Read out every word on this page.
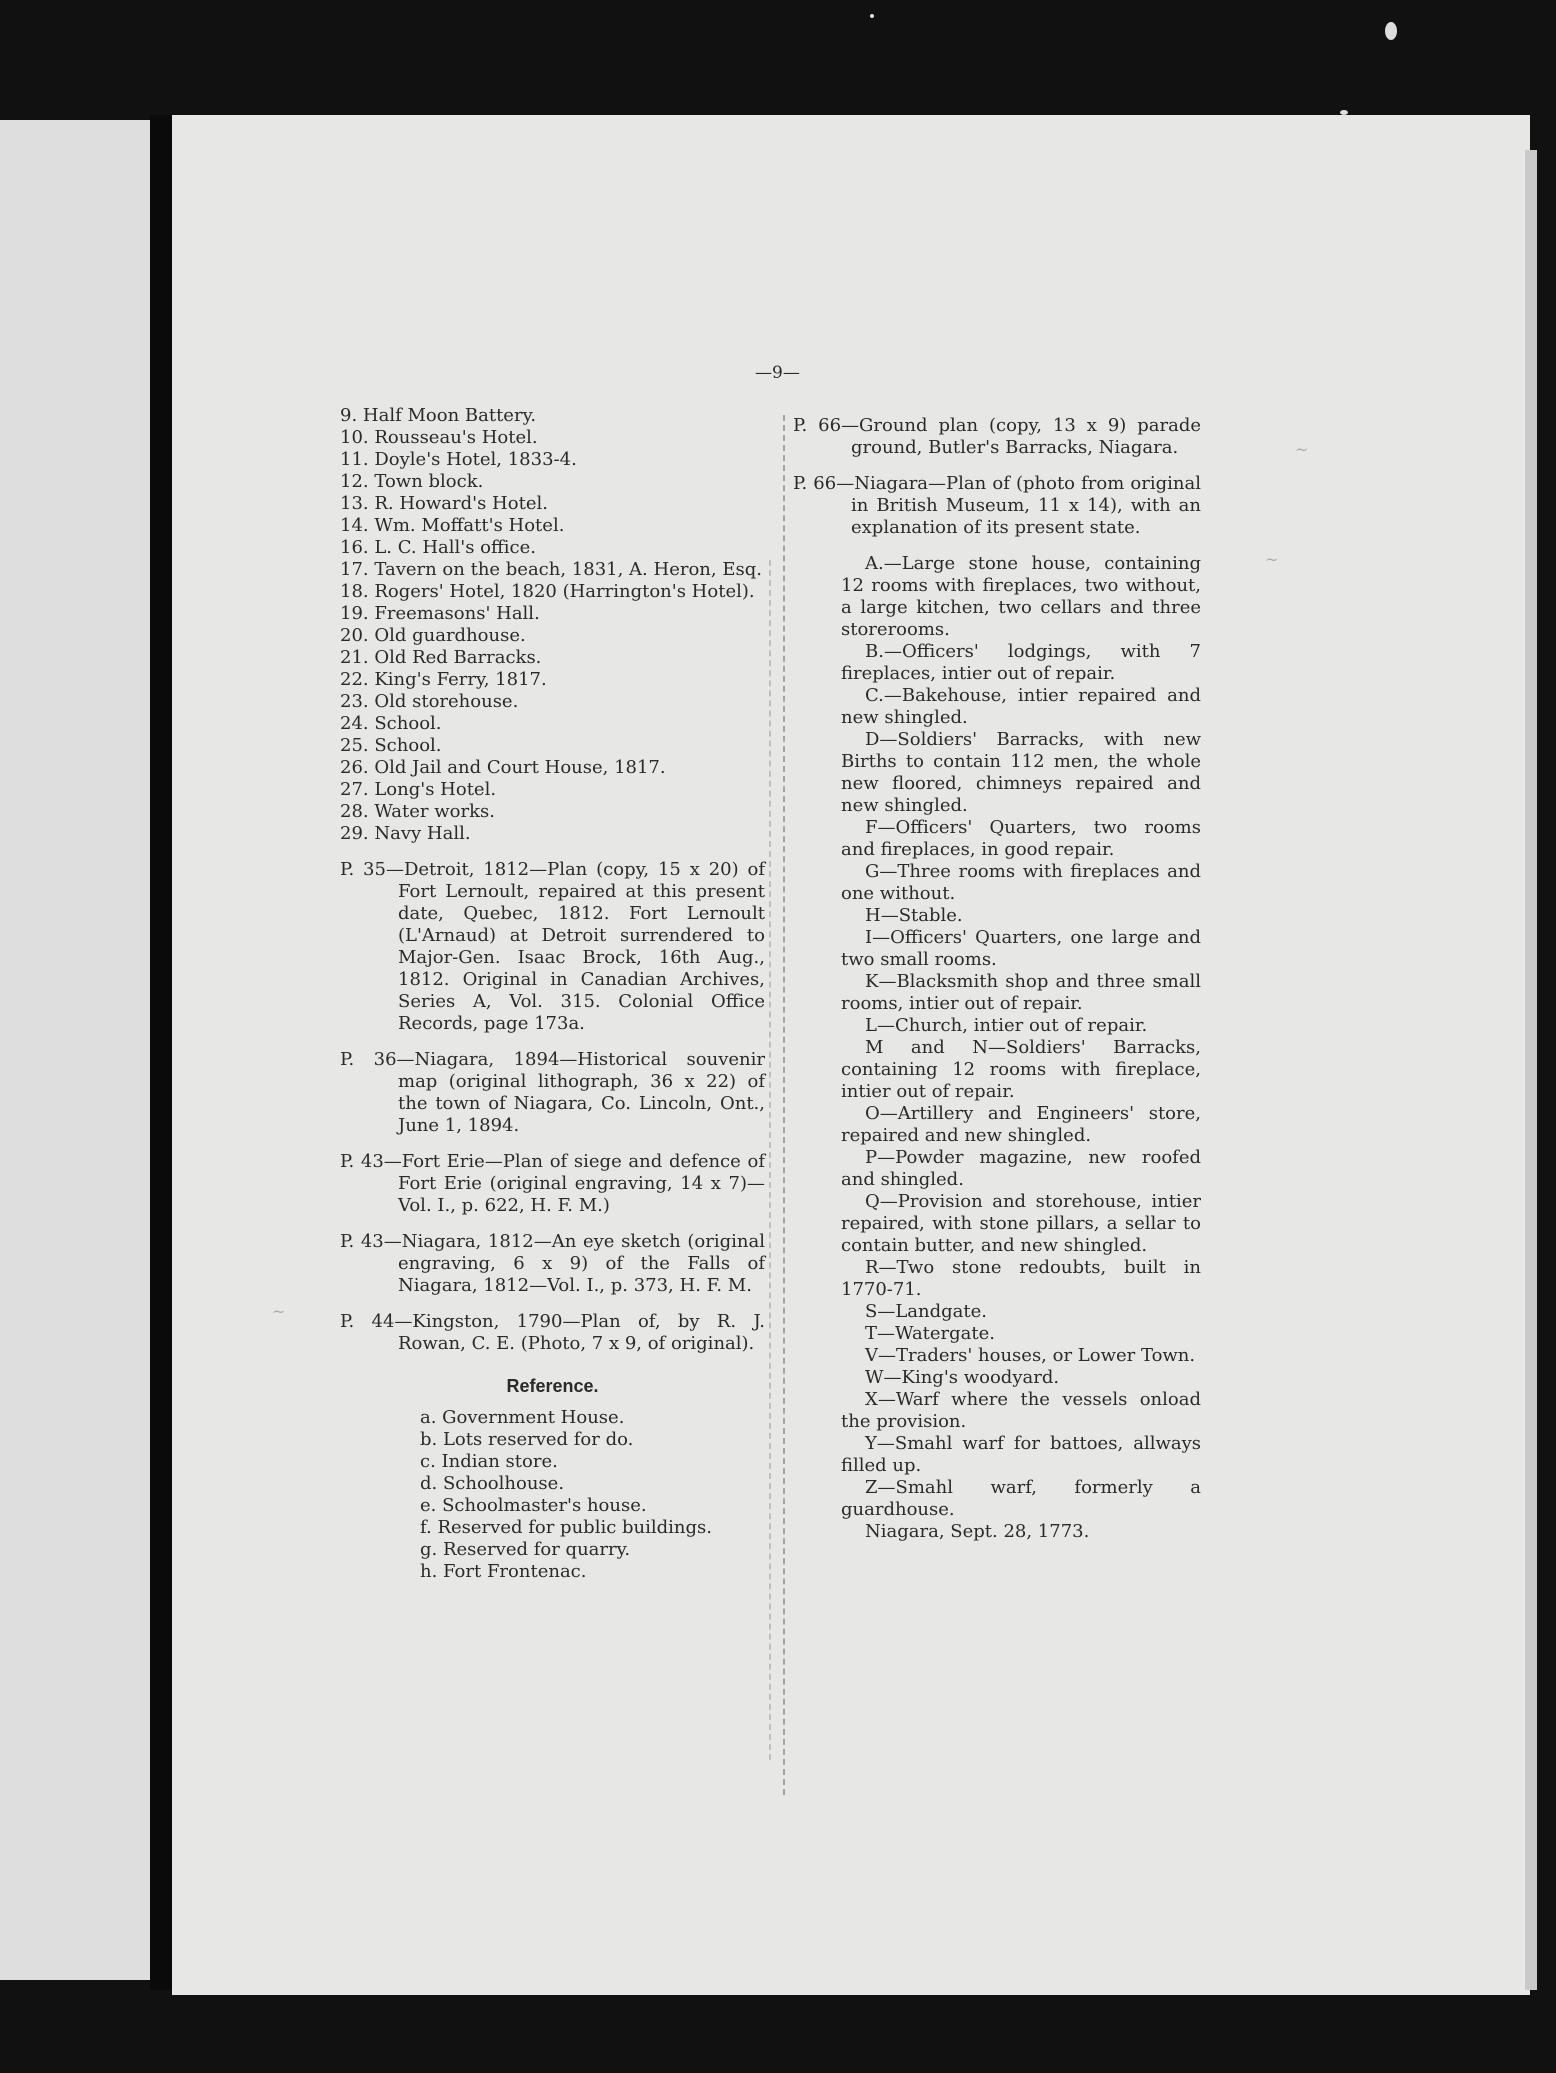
—9—

9. Half Moon Battery.

10. Rousseau's Hotel.

11. Doyle's Hotel, 1833-4.

12. Town block.

13. R. Howard's Hotel.

14. Wm. Moffatt's Hotel.

16. L. C. Hall's office.

17. Tavern on the beach, 1831, A. Heron, Esq.

18. Rogers' Hotel, 1820 (Harrington's Hotel).

19. Freemasons' Hall.

20. Old guardhouse.

21. Old Red Barracks.

22. King's Ferry, 1817.

23. Old storehouse.

24. School.

25. School.

26. Old Jail and Court House, 1817.

27. Long's Hotel.

28. Water works.

29. Navy Hall.

P. 35—Detroit, 1812—Plan (copy, 15 x 20) of Fort Lernoult, repaired at this present date, Quebec, 1812. Fort Lernoult (L'Arnaud) at Detroit surrendered to Major-Gen. Isaac Brock, 16th Aug., 1812. Original in Canadian Archives, Series A, Vol. 315. Colonial Office Records, page 173a.

P. 36—Niagara, 1894—Historical souvenir map (original lithograph, 36 x 22) of the town of Niagara, Co. Lincoln, Ont., June 1, 1894.

P. 43—Fort Erie—Plan of siege and defence of Fort Erie (original engraving, 14 x 7)—Vol. I., p. 622, H. F. M.)

P. 43—Niagara, 1812—An eye sketch (original engraving, 6 x 9) of the Falls of Niagara, 1812—Vol. I., p. 373, H. F. M.

P. 44—Kingston, 1790—Plan of, by R. J. Rowan, C. E. (Photo, 7 x 9, of original).

Reference.

a. Government House.

b. Lots reserved for do.

c. Indian store.

d. Schoolhouse.

e. Schoolmaster's house.

f. Reserved for public buildings.

g. Reserved for quarry.

h. Fort Frontenac.

P. 66—Ground plan (copy, 13 x 9) parade ground, Butler's Barracks, Niagara.

P. 66—Niagara—Plan of (photo from original in British Museum, 11 x 14), with an explanation of its present state.

A.—Large stone house, containing 12 rooms with fireplaces, two without, a large kitchen, two cellars and three storerooms.

B.—Officers' lodgings, with 7 fireplaces, intier out of repair.

C.—Bakehouse, intier repaired and new shingled.

D—Soldiers' Barracks, with new Births to contain 112 men, the whole new floored, chimneys repaired and new shingled.

F—Officers' Quarters, two rooms and fireplaces, in good repair.

G—Three rooms with fireplaces and one without.

H—Stable.

I—Officers' Quarters, one large and two small rooms.

K—Blacksmith shop and three small rooms, intier out of repair.

L—Church, intier out of repair.

M and N—Soldiers' Barracks, containing 12 rooms with fireplace, intier out of repair.

O—Artillery and Engineers' store, repaired and new shingled.

P—Powder magazine, new roofed and shingled.

Q—Provision and storehouse, intier repaired, with stone pillars, a sellar to contain butter, and new shingled.

R—Two stone redoubts, built in 1770-71.

S—Landgate.

T—Watergate.

V—Traders' houses, or Lower Town.

W—King's woodyard.

X—Warf where the vessels onload the provision.

Y—Smahl warf for battoes, allways filled up.

Z—Smahl warf, formerly a guardhouse.

Niagara, Sept. 28, 1773.

~
~
~
